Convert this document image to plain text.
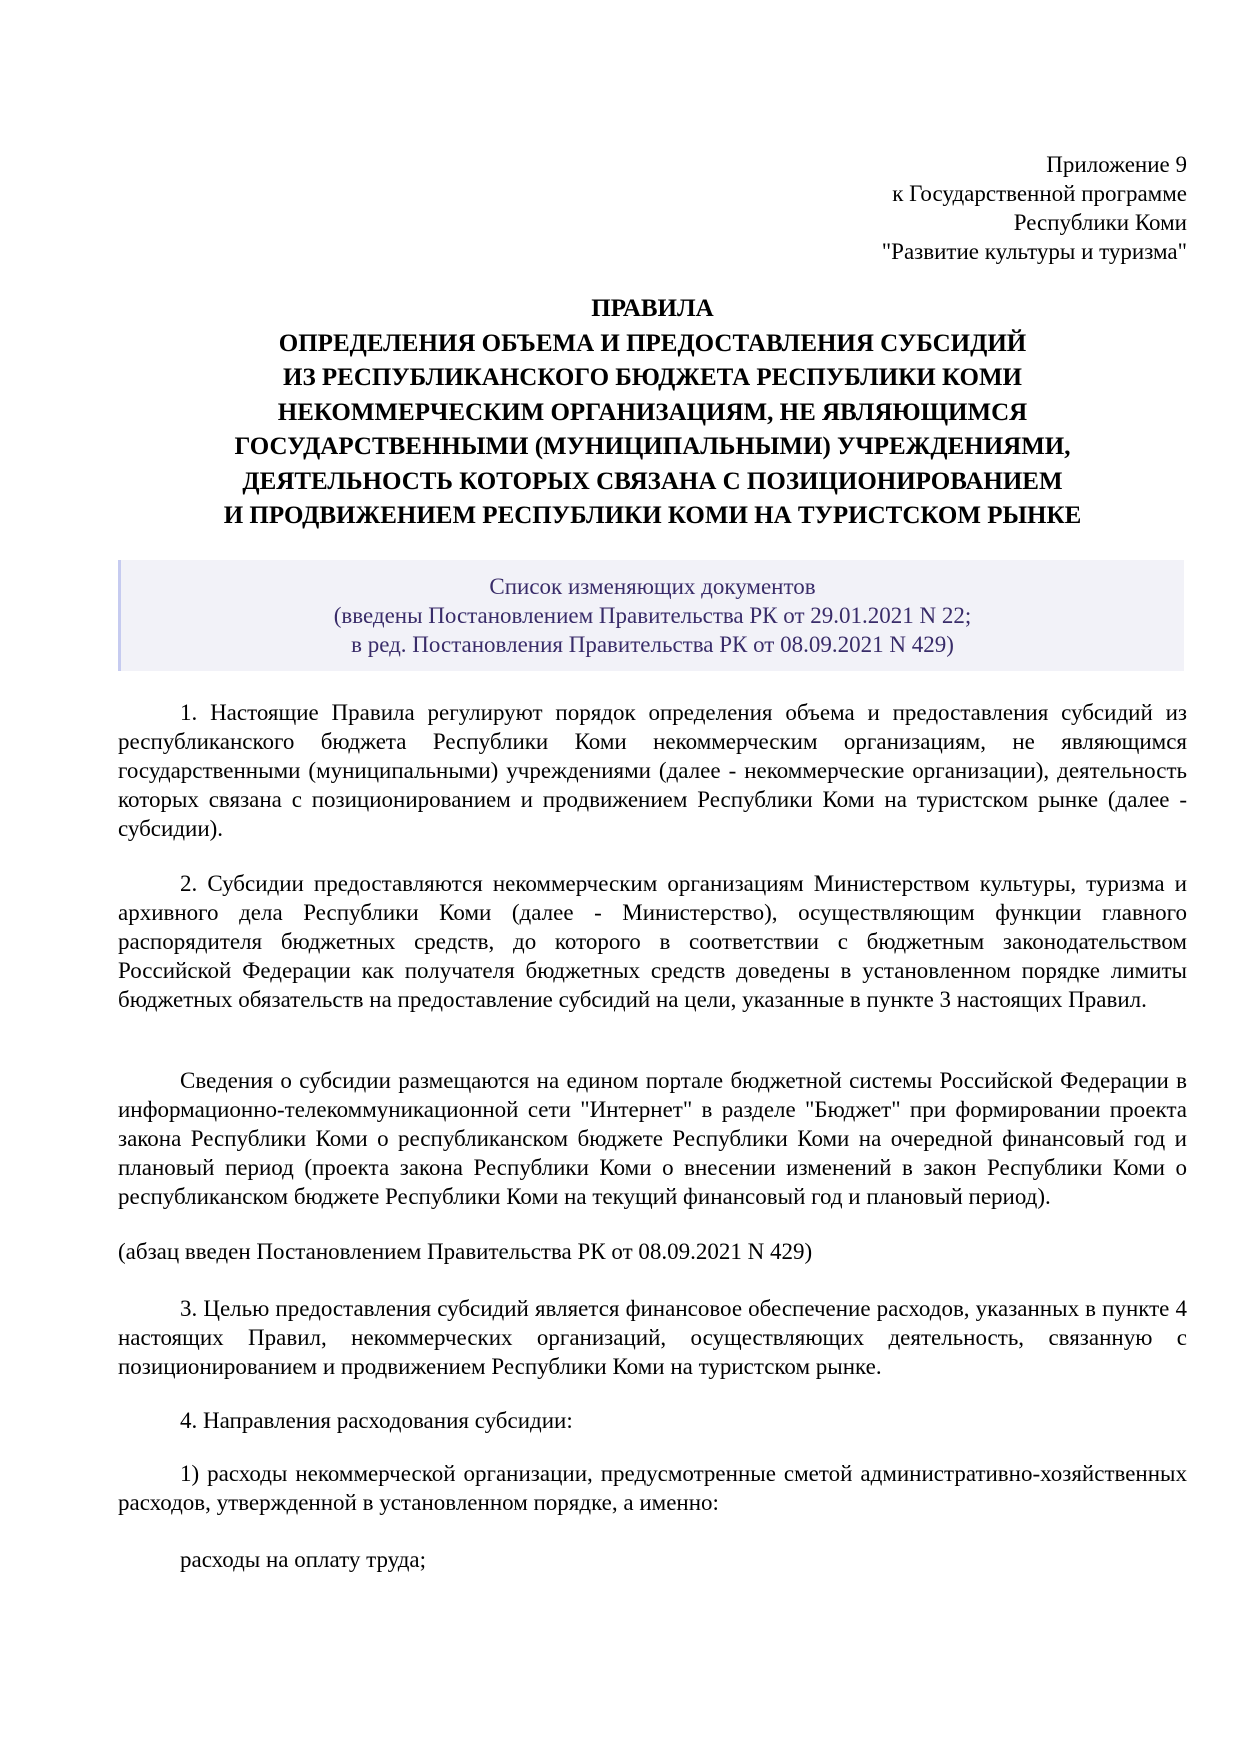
Приложение 9
к Государственной программе
Республики Коми
"Развитие культуры и туризма"
ПРАВИЛА
ОПРЕДЕЛЕНИЯ ОБЪЕМА И ПРЕДОСТАВЛЕНИЯ СУБСИДИЙ
ИЗ РЕСПУБЛИКАНСКОГО БЮДЖЕТА РЕСПУБЛИКИ КОМИ
НЕКОММЕРЧЕСКИМ ОРГАНИЗАЦИЯМ, НЕ ЯВЛЯЮЩИМСЯ
ГОСУДАРСТВЕННЫМИ (МУНИЦИПАЛЬНЫМИ) УЧРЕЖДЕНИЯМИ,
ДЕЯТЕЛЬНОСТЬ КОТОРЫХ СВЯЗАНА С ПОЗИЦИОНИРОВАНИЕМ
И ПРОДВИЖЕНИЕМ РЕСПУБЛИКИ КОМИ НА ТУРИСТСКОМ РЫНКЕ
Список изменяющих документов
(введены Постановлением Правительства РК от 29.01.2021 N 22;
в ред. Постановления Правительства РК от 08.09.2021 N 429)
1. Настоящие Правила регулируют порядок определения объема и предоставления субсидий из республиканского бюджета Республики Коми некоммерческим организациям, не являющимся государственными (муниципальными) учреждениями (далее - некоммерческие организации), деятельность которых связана с позиционированием и продвижением Республики Коми на туристском рынке (далее - субсидии).
2. Субсидии предоставляются некоммерческим организациям Министерством культуры, туризма и архивного дела Республики Коми (далее - Министерство), осуществляющим функции главного распорядителя бюджетных средств, до которого в соответствии с бюджетным законодательством Российской Федерации как получателя бюджетных средств доведены в установленном порядке лимиты бюджетных обязательств на предоставление субсидий на цели, указанные в пункте 3 настоящих Правил.
Сведения о субсидии размещаются на едином портале бюджетной системы Российской Федерации в информационно-телекоммуникационной сети "Интернет" в разделе "Бюджет" при формировании проекта закона Республики Коми о республиканском бюджете Республики Коми на очередной финансовый год и плановый период (проекта закона Республики Коми о внесении изменений в закон Республики Коми о республиканском бюджете Республики Коми на текущий финансовый год и плановый период).
(абзац введен Постановлением Правительства РК от 08.09.2021 N 429)
3. Целью предоставления субсидий является финансовое обеспечение расходов, указанных в пункте 4 настоящих Правил, некоммерческих организаций, осуществляющих деятельность, связанную с позиционированием и продвижением Республики Коми на туристском рынке.
4. Направления расходования субсидии:
1) расходы некоммерческой организации, предусмотренные сметой административно-хозяйственных расходов, утвержденной в установленном порядке, а именно:
расходы на оплату труда;
